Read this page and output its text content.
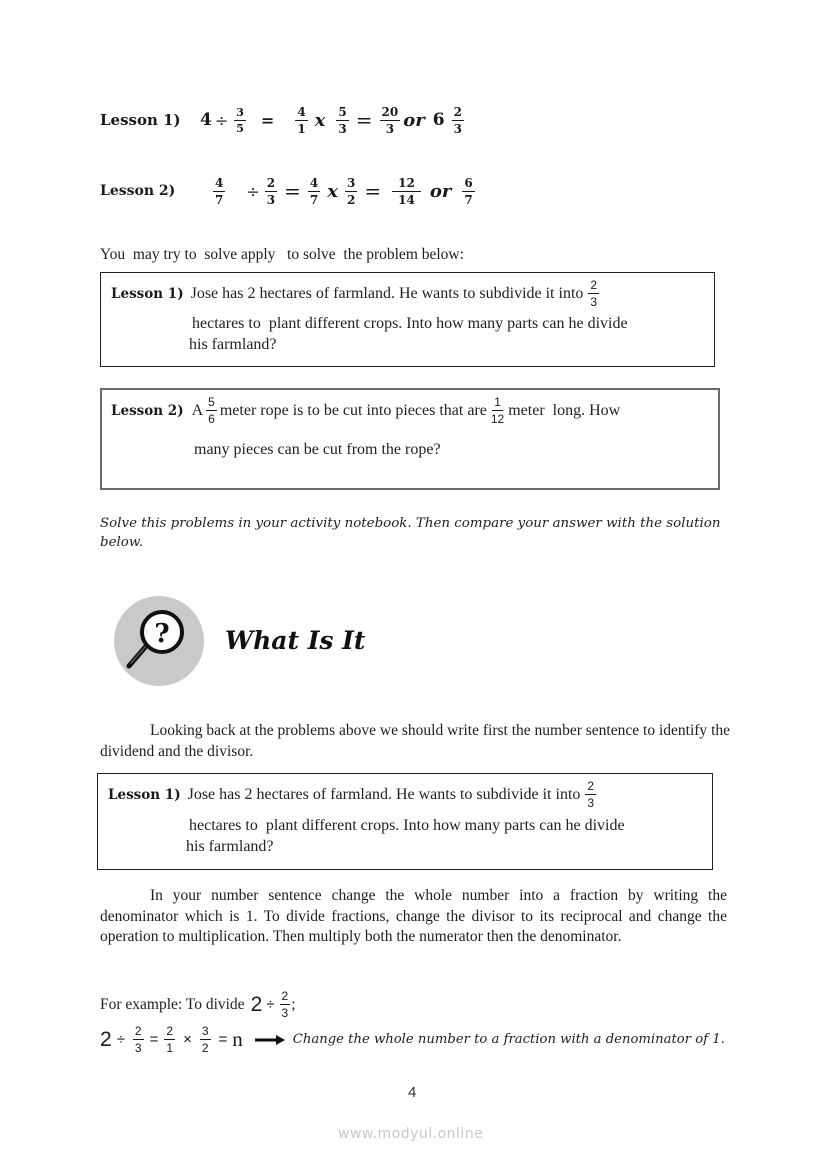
Lesson 1)	$4 \div \frac{3}{5} = \frac{4}{1}$ x $\frac{5}{3} = \frac{20}{3}$ or $6 \frac{2}{3}$
Lesson 2)	$\frac{4}{7} \div \frac{2}{3} = \frac{4}{7}$ x $\frac{3}{2} = \frac{12}{14}$ or $\frac{6}{7}$
You  may try to  solve apply   to solve  the problem below:
Lesson 1) Jose has 2 hectares of farmland. He wants to subdivide it into $\frac{2}{3}$
hectares to  plant different crops. Into how many parts can he divide
his farmland?
Lesson 2) A $\frac{5}{6}$ meter rope is to be cut into pieces that are $\frac{1}{12}$ meter  long. How
many pieces can be cut from the rope?
Solve this problems in your activity notebook. Then compare your answer with the solution below.
? What Is It
Looking back at the problems above we should write first the number sentence to identify the dividend and the divisor.
Lesson 1) Jose has 2 hectares of farmland. He wants to subdivide it into $\frac{2}{3}$
hectares to  plant different crops. Into how many parts can he divide
his farmland?
In your number sentence change the whole number into a fraction by writing the denominator which is 1. To divide fractions, change the divisor to its reciprocal and change the operation to multiplication. Then multiply both the numerator then the denominator.
For example: To divide $2 \div \frac{2}{3}$ ;
$2 \div \frac{2}{3} = \frac{2}{1} \times \frac{3}{2} = n$	Change the whole number to a fraction with a denominator of 1.
4
www.modyul.online
